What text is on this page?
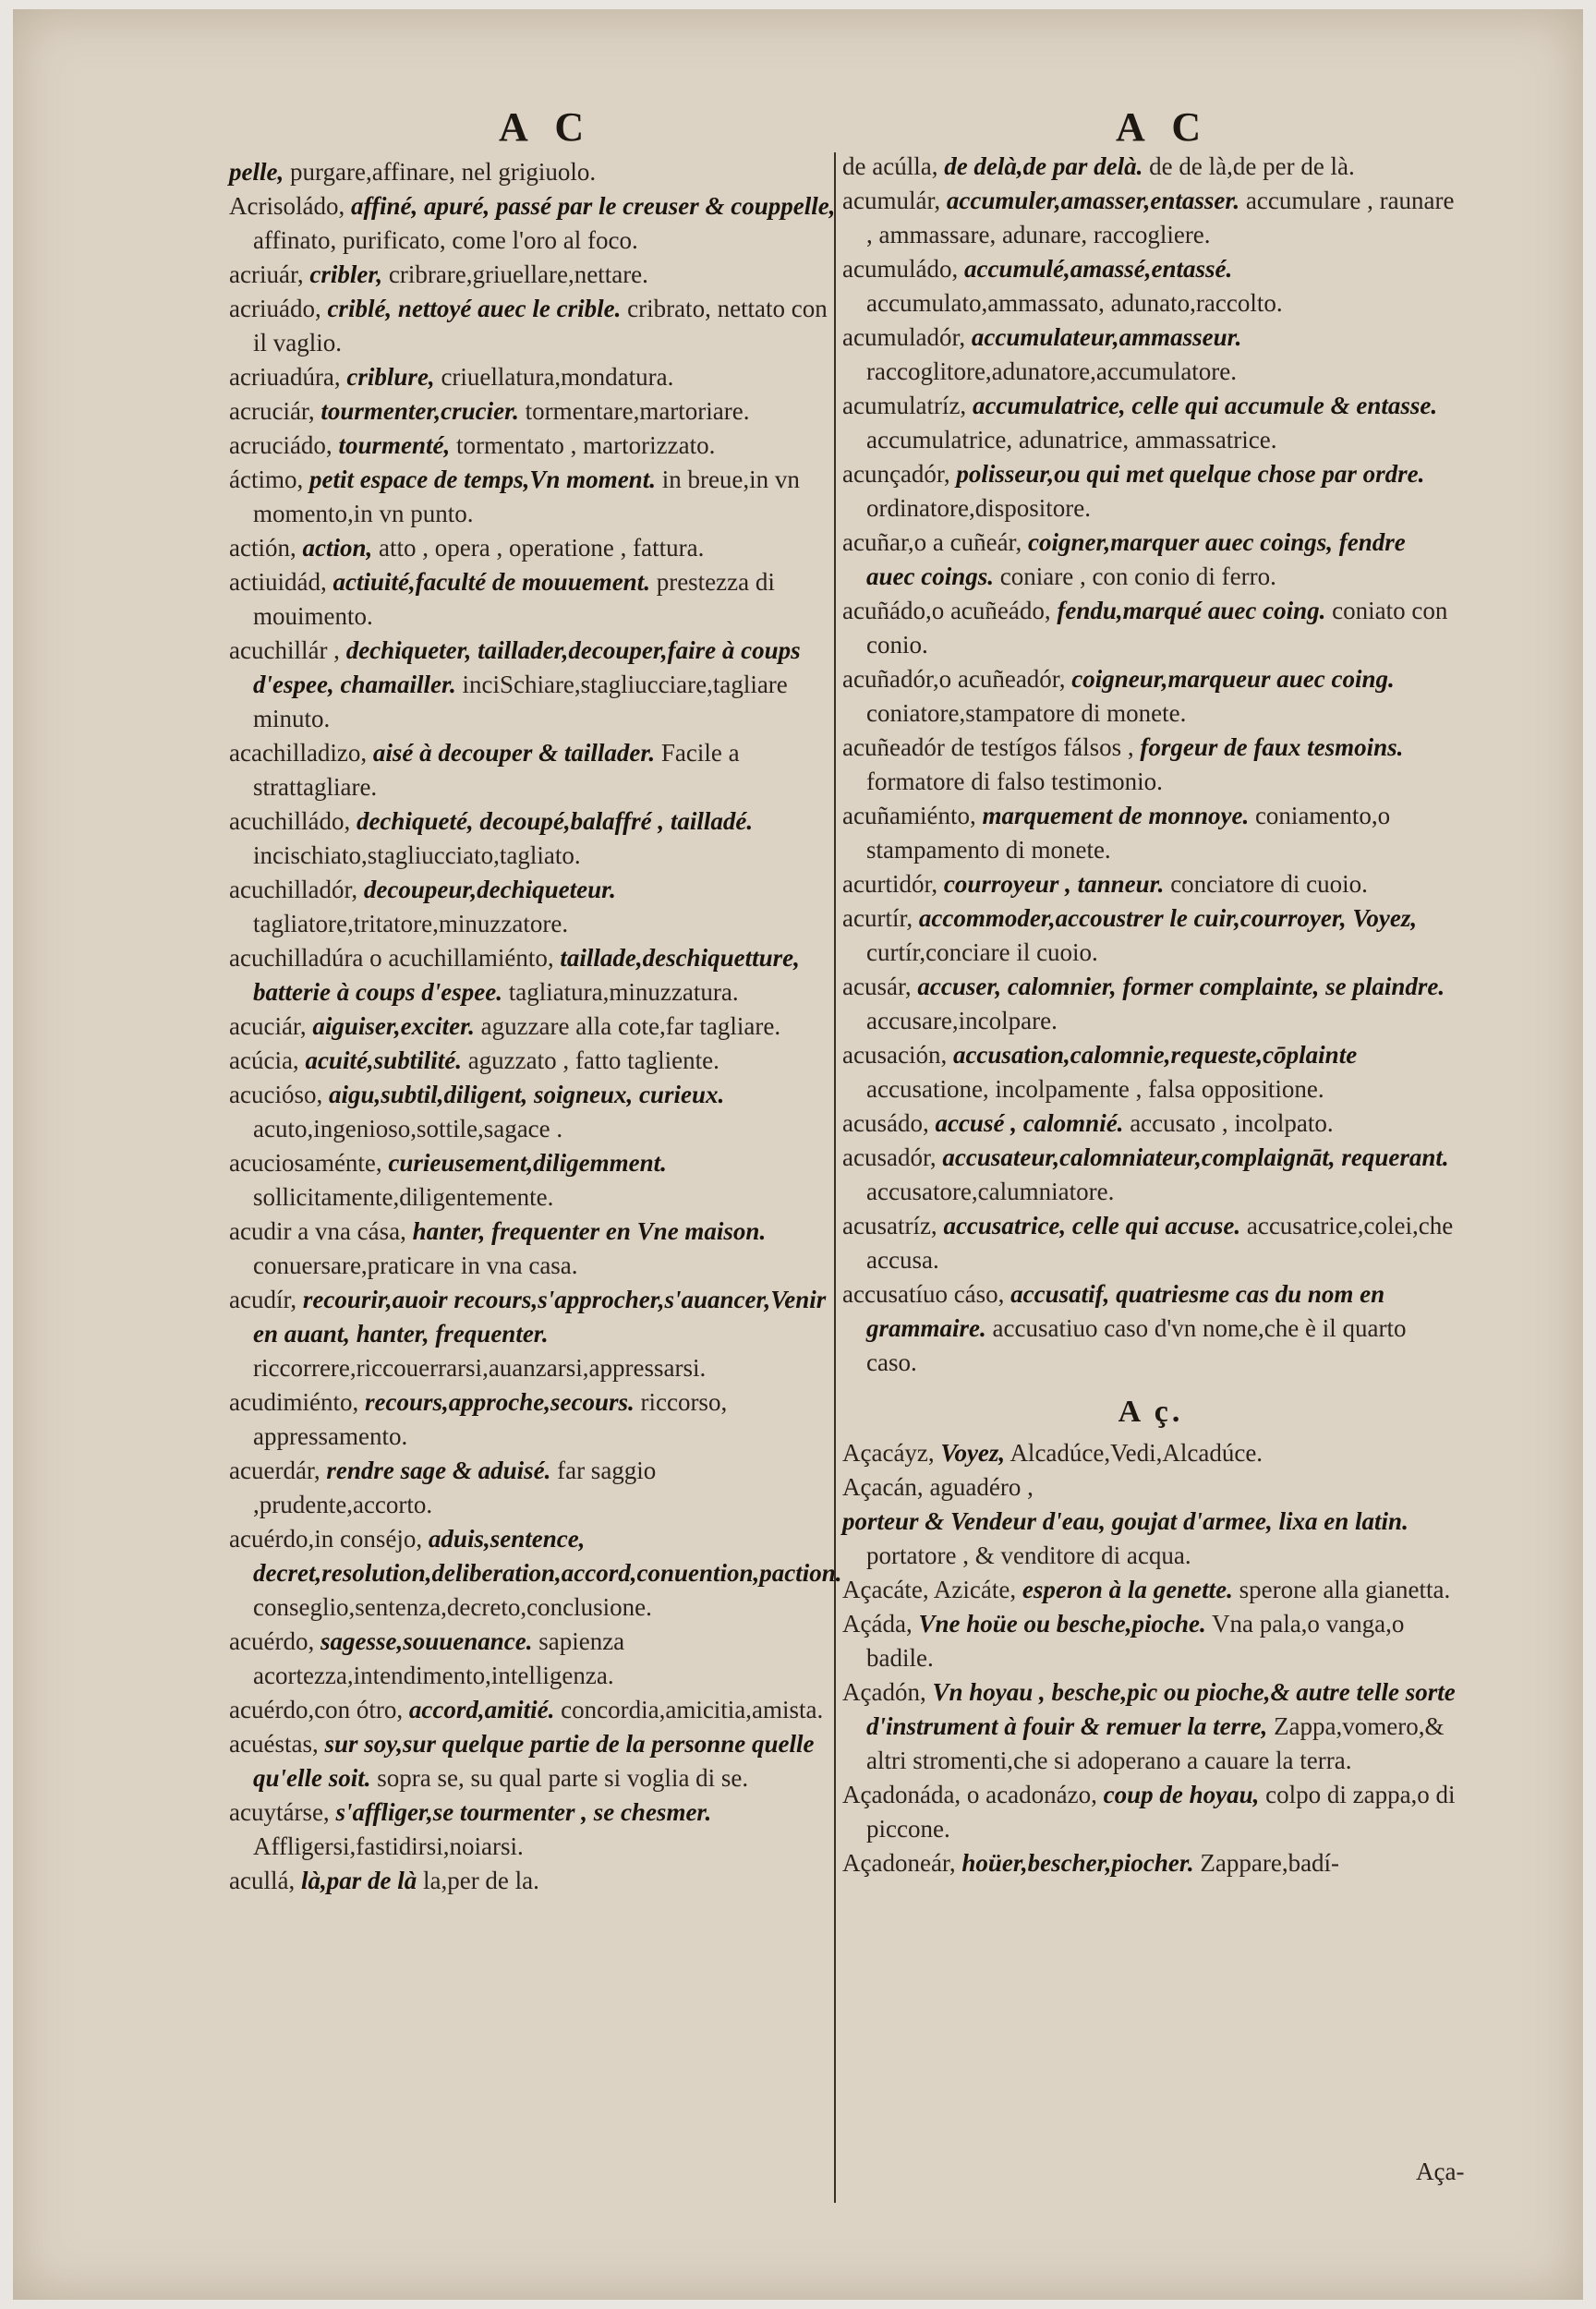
A C	A C

pelle, purgare,affinare, nel grigiuolo.

Acrisoládo, affiné, apuré, passé par le creuser & couppelle, affinato, purificato, come l'oro al foco.

acriuár, cribler, cribrare,griuellare,nettare.

acriuádo, criblé, nettoyé auec le crible. cribrato, nettato con il vaglio.

acriuadúra, criblure, criuellatura,mondatura.

acruciár, tourmenter,crucier. tormentare,martoriare.

acruciádo, tourmenté, tormentato , martorizzato.

áctimo, petit espace de temps,Vn moment. in breue,in vn momento,in vn punto.

actión, action, atto , opera , operatione , fattura.

actiuidád, actiuité,faculté de mouuement. prestezza di mouimento.

acuchillár , dechiqueter, taillader,decouper,faire à coups d'espee, chamailler. inciSchiare,stagliucciare,tagliare minuto.

acachilladizo, aisé à decouper & taillader. Facile a strattagliare.

acuchilládo, dechiqueté, decoupé,balaffré , tailladé. incischiato,stagliucciato,tagliato.

acuchilladór, decoupeur,dechiqueteur. tagliatore,tritatore,minuzzatore.

acuchilladúra o acuchillamiénto, taillade,deschiquetture, batterie à coups d'espee. tagliatura,minuzzatura.

acuciár, aiguiser,exciter. aguzzare alla cote,far tagliare.

acúcia, acuité,subtilité. aguzzato , fatto tagliente.

acucióso, aigu,subtil,diligent, soigneux, curieux. acuto,ingenioso,sottile,sagace .

acuciosaménte, curieusement,diligemment. sollicitamente,diligentemente.

acudir a vna cása, hanter, frequenter en Vne maison. conuersare,praticare in vna casa.

acudír, recourir,auoir recours,s'approcher,s'auancer,Venir en auant, hanter, frequenter. riccorrere,riccouerrarsi,auanzarsi,appressarsi.

acudimiénto, recours,approche,secours. riccorso, appressamento.

acuerdár, rendre sage & aduisé. far saggio ,prudente,accorto.

acuérdo,in conséjo, aduis,sentence, decret,resolution,deliberation,accord,conuention,paction. conseglio,sentenza,decreto,conclusione.

acuérdo, sagesse,souuenance. sapienza acortezza,intendimento,intelligenza.

acuérdo,con ótro, accord,amitié. concordia,amicitia,amista.

acuéstas, sur soy,sur quelque partie de la personne quelle qu'elle soit. sopra se, su qual parte si voglia di se.

acuytárse, s'affliger,se tourmenter , se chesmer. Affligersi,fastidirsi,noiarsi.

acullá, là,par de là la,per de la.

de acúlla, de delà,de par delà. de de là,de per de là.

acumulár, accumuler,amasser,entasser. accumulare , raunare , ammassare, adunare, raccogliere.

acumuládo, accumulé,amassé,entassé. accumulato,ammassato, adunato,raccolto.

acumuladór, accumulateur,ammasseur. raccoglitore,adunatore,accumulatore.

acumulatríz, accumulatrice, celle qui accumule & entasse. accumulatrice, adunatrice, ammassatrice.

acunçadór, polisseur,ou qui met quelque chose par ordre. ordinatore,dispositore.

acuñar,o a cuñeár, coigner,marquer auec coings, fendre auec coings. coniare , con conio di ferro.

acuñádo,o acuñeádo, fendu,marqué auec coing. coniato con conio.

acuñadór,o acuñeadór, coigneur,marqueur auec coing. coniatore,stampatore di monete.

acuñeadór de testígos fálsos , forgeur de faux tesmoins. formatore di falso testimonio.

acuñamiénto, marquement de monnoye. coniamento,o stampamento di monete.

acurtidór, courroyeur , tanneur. conciatore di cuoio.

acurtír, accommoder,accoustrer le cuir,courroyer, Voyez, curtír,conciare il cuoio.

acusár, accuser, calomnier, former complainte, se plaindre. accusare,incolpare.

acusación, accusation,calomnie,requeste,cōplainte accusatione, incolpamente , falsa oppositione.

acusádo, accusé , calomnié. accusato , incolpato.

acusadór, accusateur,calomniateur,complaignāt, requerant. accusatore,calumniatore.

acusatríz, accusatrice, celle qui accuse. accusatrice,colei,che accusa.

accusatíuo cáso, accusatif, quatriesme cas du nom en grammaire. accusatiuo caso d'vn nome,che è il quarto caso.

A ç.

Açacáyz, Voyez, Alcadúce,Vedi,Alcadúce.

Açacán, aguadéro ,

porteur & Vendeur d'eau, goujat d'armee, lixa en latin. portatore , & venditore di acqua.

Açacáte, Azicáte, esperon à la genette. sperone alla gianetta.

Açáda, Vne hoüe ou besche,pioche. Vna pala,o vanga,o badile.

Açadón, Vn hoyau , besche,pic ou pioche,& autre telle sorte d'instrument à fouir & remuer la terre, Zappa,vomero,& altri stromenti,che si adoperano a cauare la terra.

Açadonáda, o acadonázo, coup de hoyau, colpo di zappa,o di piccone.

Açadoneár, hoüer,bescher,piocher. Zappare,badí-

Aça-
